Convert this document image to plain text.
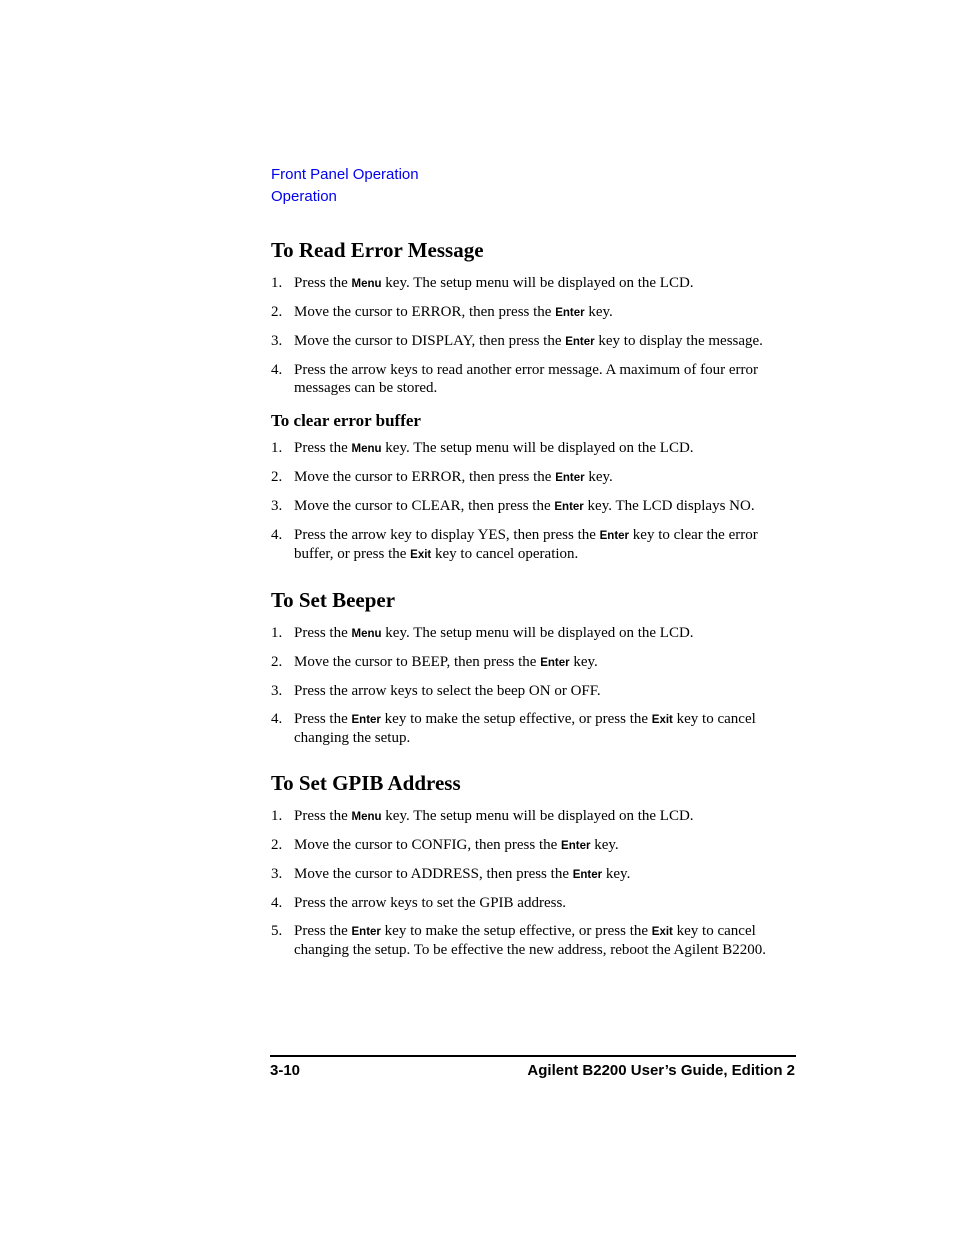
Front Panel Operation
Operation
To Read Error Message
1. Press the Menu key. The setup menu will be displayed on the LCD.
2. Move the cursor to ERROR, then press the Enter key.
3. Move the cursor to DISPLAY, then press the Enter key to display the message.
4. Press the arrow keys to read another error message. A maximum of four error messages can be stored.
To clear error buffer
1. Press the Menu key. The setup menu will be displayed on the LCD.
2. Move the cursor to ERROR, then press the Enter key.
3. Move the cursor to CLEAR, then press the Enter key. The LCD displays NO.
4. Press the arrow key to display YES, then press the Enter key to clear the error buffer, or press the Exit key to cancel operation.
To Set Beeper
1. Press the Menu key. The setup menu will be displayed on the LCD.
2. Move the cursor to BEEP, then press the Enter key.
3. Press the arrow keys to select the beep ON or OFF.
4. Press the Enter key to make the setup effective, or press the Exit key to cancel changing the setup.
To Set GPIB Address
1. Press the Menu key. The setup menu will be displayed on the LCD.
2. Move the cursor to CONFIG, then press the Enter key.
3. Move the cursor to ADDRESS, then press the Enter key.
4. Press the arrow keys to set the GPIB address.
5. Press the Enter key to make the setup effective, or press the Exit key to cancel changing the setup. To be effective the new address, reboot the Agilent B2200.
3-10	Agilent B2200 User’s Guide, Edition 2
